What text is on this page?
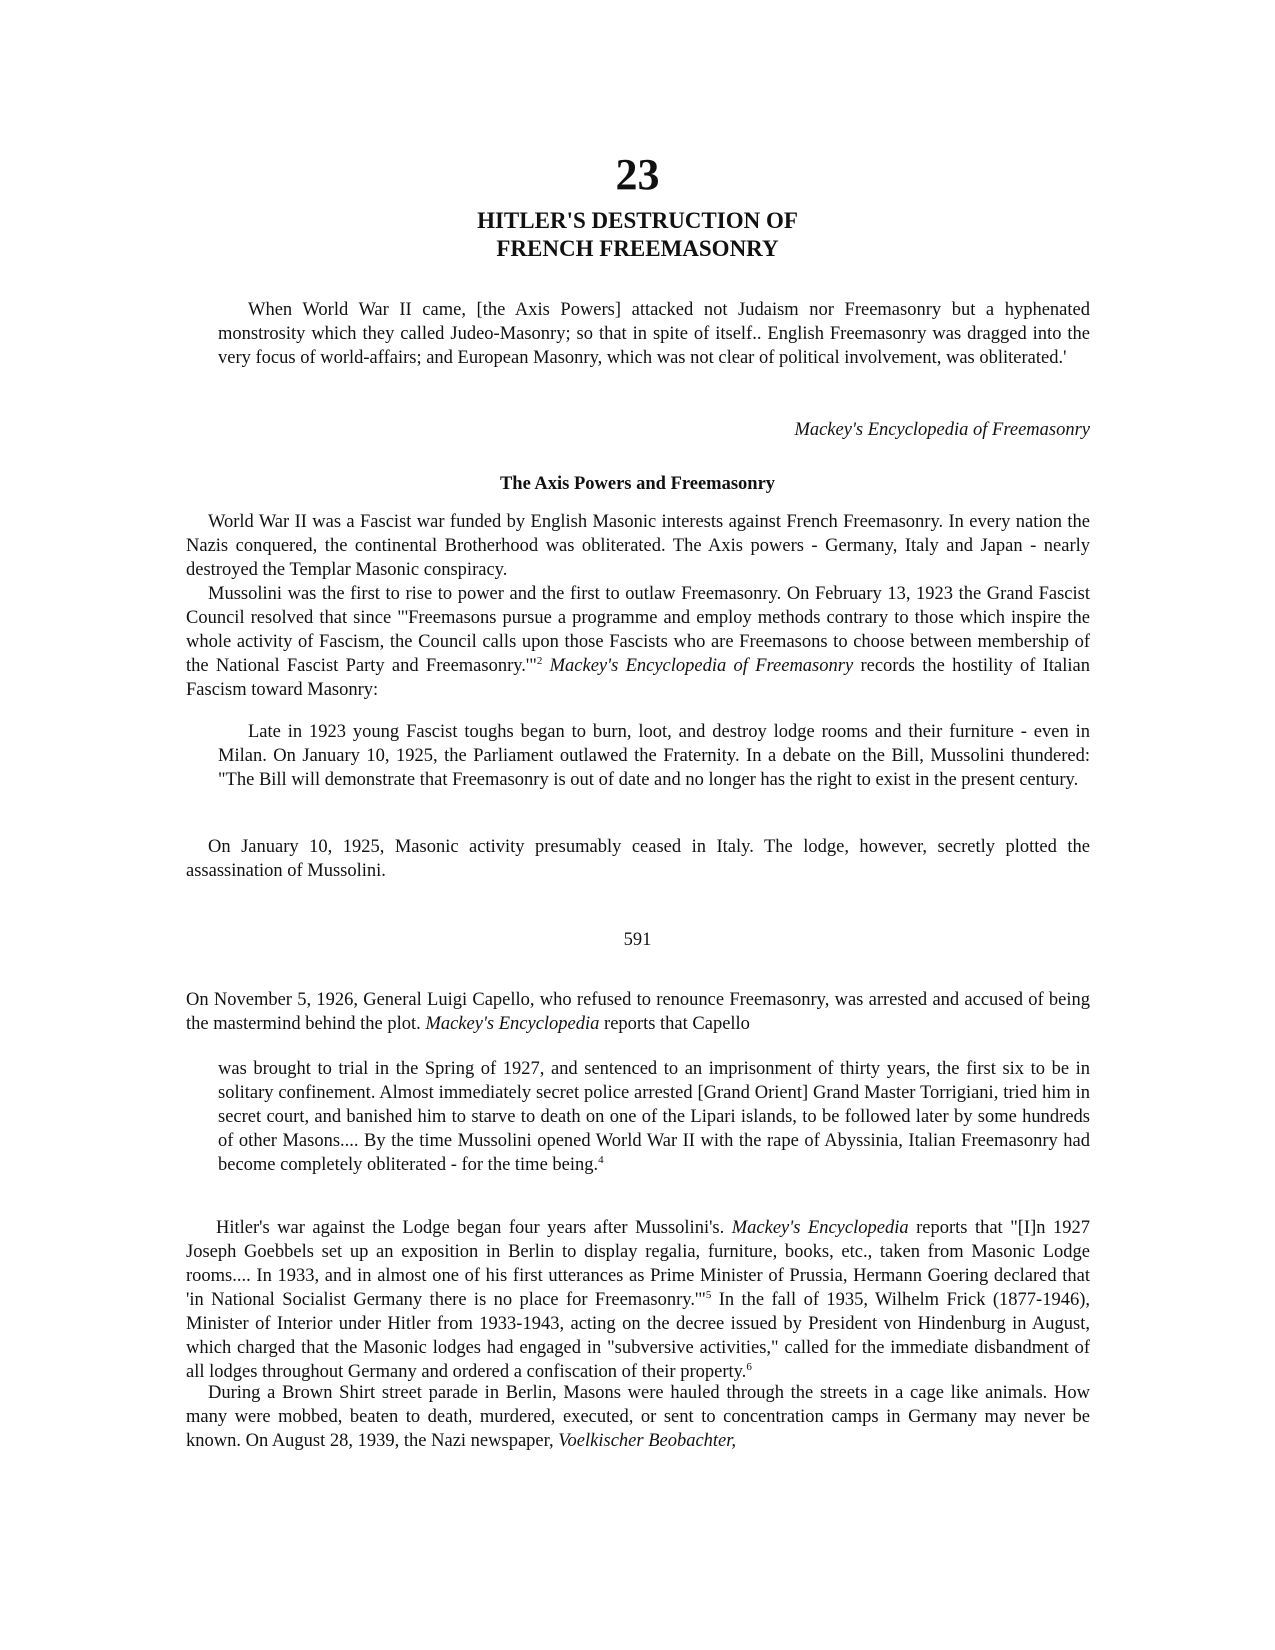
23
HITLER'S DESTRUCTION OF
FRENCH FREEMASONRY

When World War II came, [the Axis Powers] attacked not Judaism nor Freemasonry but a hyphenated monstrosity which they called Judeo-Masonry; so that in spite of itself.. English Freemasonry was dragged into the very focus of world-affairs; and European Masonry, which was not clear of political involvement, was obliterated.'

Mackey's Encyclopedia of Freemasonry

The Axis Powers and Freemasonry

World War II was a Fascist war funded by English Masonic interests against French Freemasonry. In every nation the Nazis conquered, the continental Brotherhood was obliterated. The Axis powers - Germany, Italy and Japan - nearly destroyed the Templar Masonic conspiracy.

Mussolini was the first to rise to power and the first to outlaw Freemasonry. On February 13, 1923 the Grand Fascist Council resolved that since "'Freemasons pursue a programme and employ methods contrary to those which inspire the whole activity of Fascism, the Council calls upon those Fascists who are Freemasons to choose between membership of the National Fascist Party and Freemasonry.'"$^2$ Mackey's Encyclopedia of Freemasonry records the hostility of Italian Fascism toward Masonry:

Late in 1923 young Fascist toughs began to burn, loot, and destroy lodge rooms and their furniture - even in Milan. On January 10, 1925, the Parliament outlawed the Fraternity. In a debate on the Bill, Mussolini thundered: "The Bill will demonstrate that Freemasonry is out of date and no longer has the right to exist in the present century.

On January 10, 1925, Masonic activity presumably ceased in Italy. The lodge, however, secretly plotted the assassination of Mussolini.

591

On November 5, 1926, General Luigi Capello, who refused to renounce Freemasonry, was arrested and accused of being the mastermind behind the plot. Mackey's Encyclopedia reports that Capello

was brought to trial in the Spring of 1927, and sentenced to an imprisonment of thirty years, the first six to be in solitary confinement. Almost immediately secret police arrested [Grand Orient] Grand Master Torrigiani, tried him in secret court, and banished him to starve to death on one of the Lipari islands, to be followed later by some hundreds of other Masons.... By the time Mussolini opened World War II with the rape of Abyssinia, Italian Freemasonry had become completely obliterated - for the time being.$^4$

Hitler's war against the Lodge began four years after Mussolini's. Mackey's Encyclopedia reports that "[I]n 1927 Joseph Goebbels set up an exposition in Berlin to display regalia, furniture, books, etc., taken from Masonic Lodge rooms.... In 1933, and in almost one of his first utterances as Prime Minister of Prussia, Hermann Goering declared that 'in National Socialist Germany there is no place for Freemasonry.'"$^5$ In the fall of 1935, Wilhelm Frick (1877-1946), Minister of Interior under Hitler from 1933-1943, acting on the decree issued by President von Hindenburg in August, which charged that the Masonic lodges had engaged in "subversive activities," called for the immediate disbandment of all lodges throughout Germany and ordered a confiscation of their property.$^6$

During a Brown Shirt street parade in Berlin, Masons were hauled through the streets in a cage like animals. How many were mobbed, beaten to death, murdered, executed, or sent to concentration camps in Germany may never be known. On August 28, 1939, the Nazi newspaper, Voelkischer Beobachter,
